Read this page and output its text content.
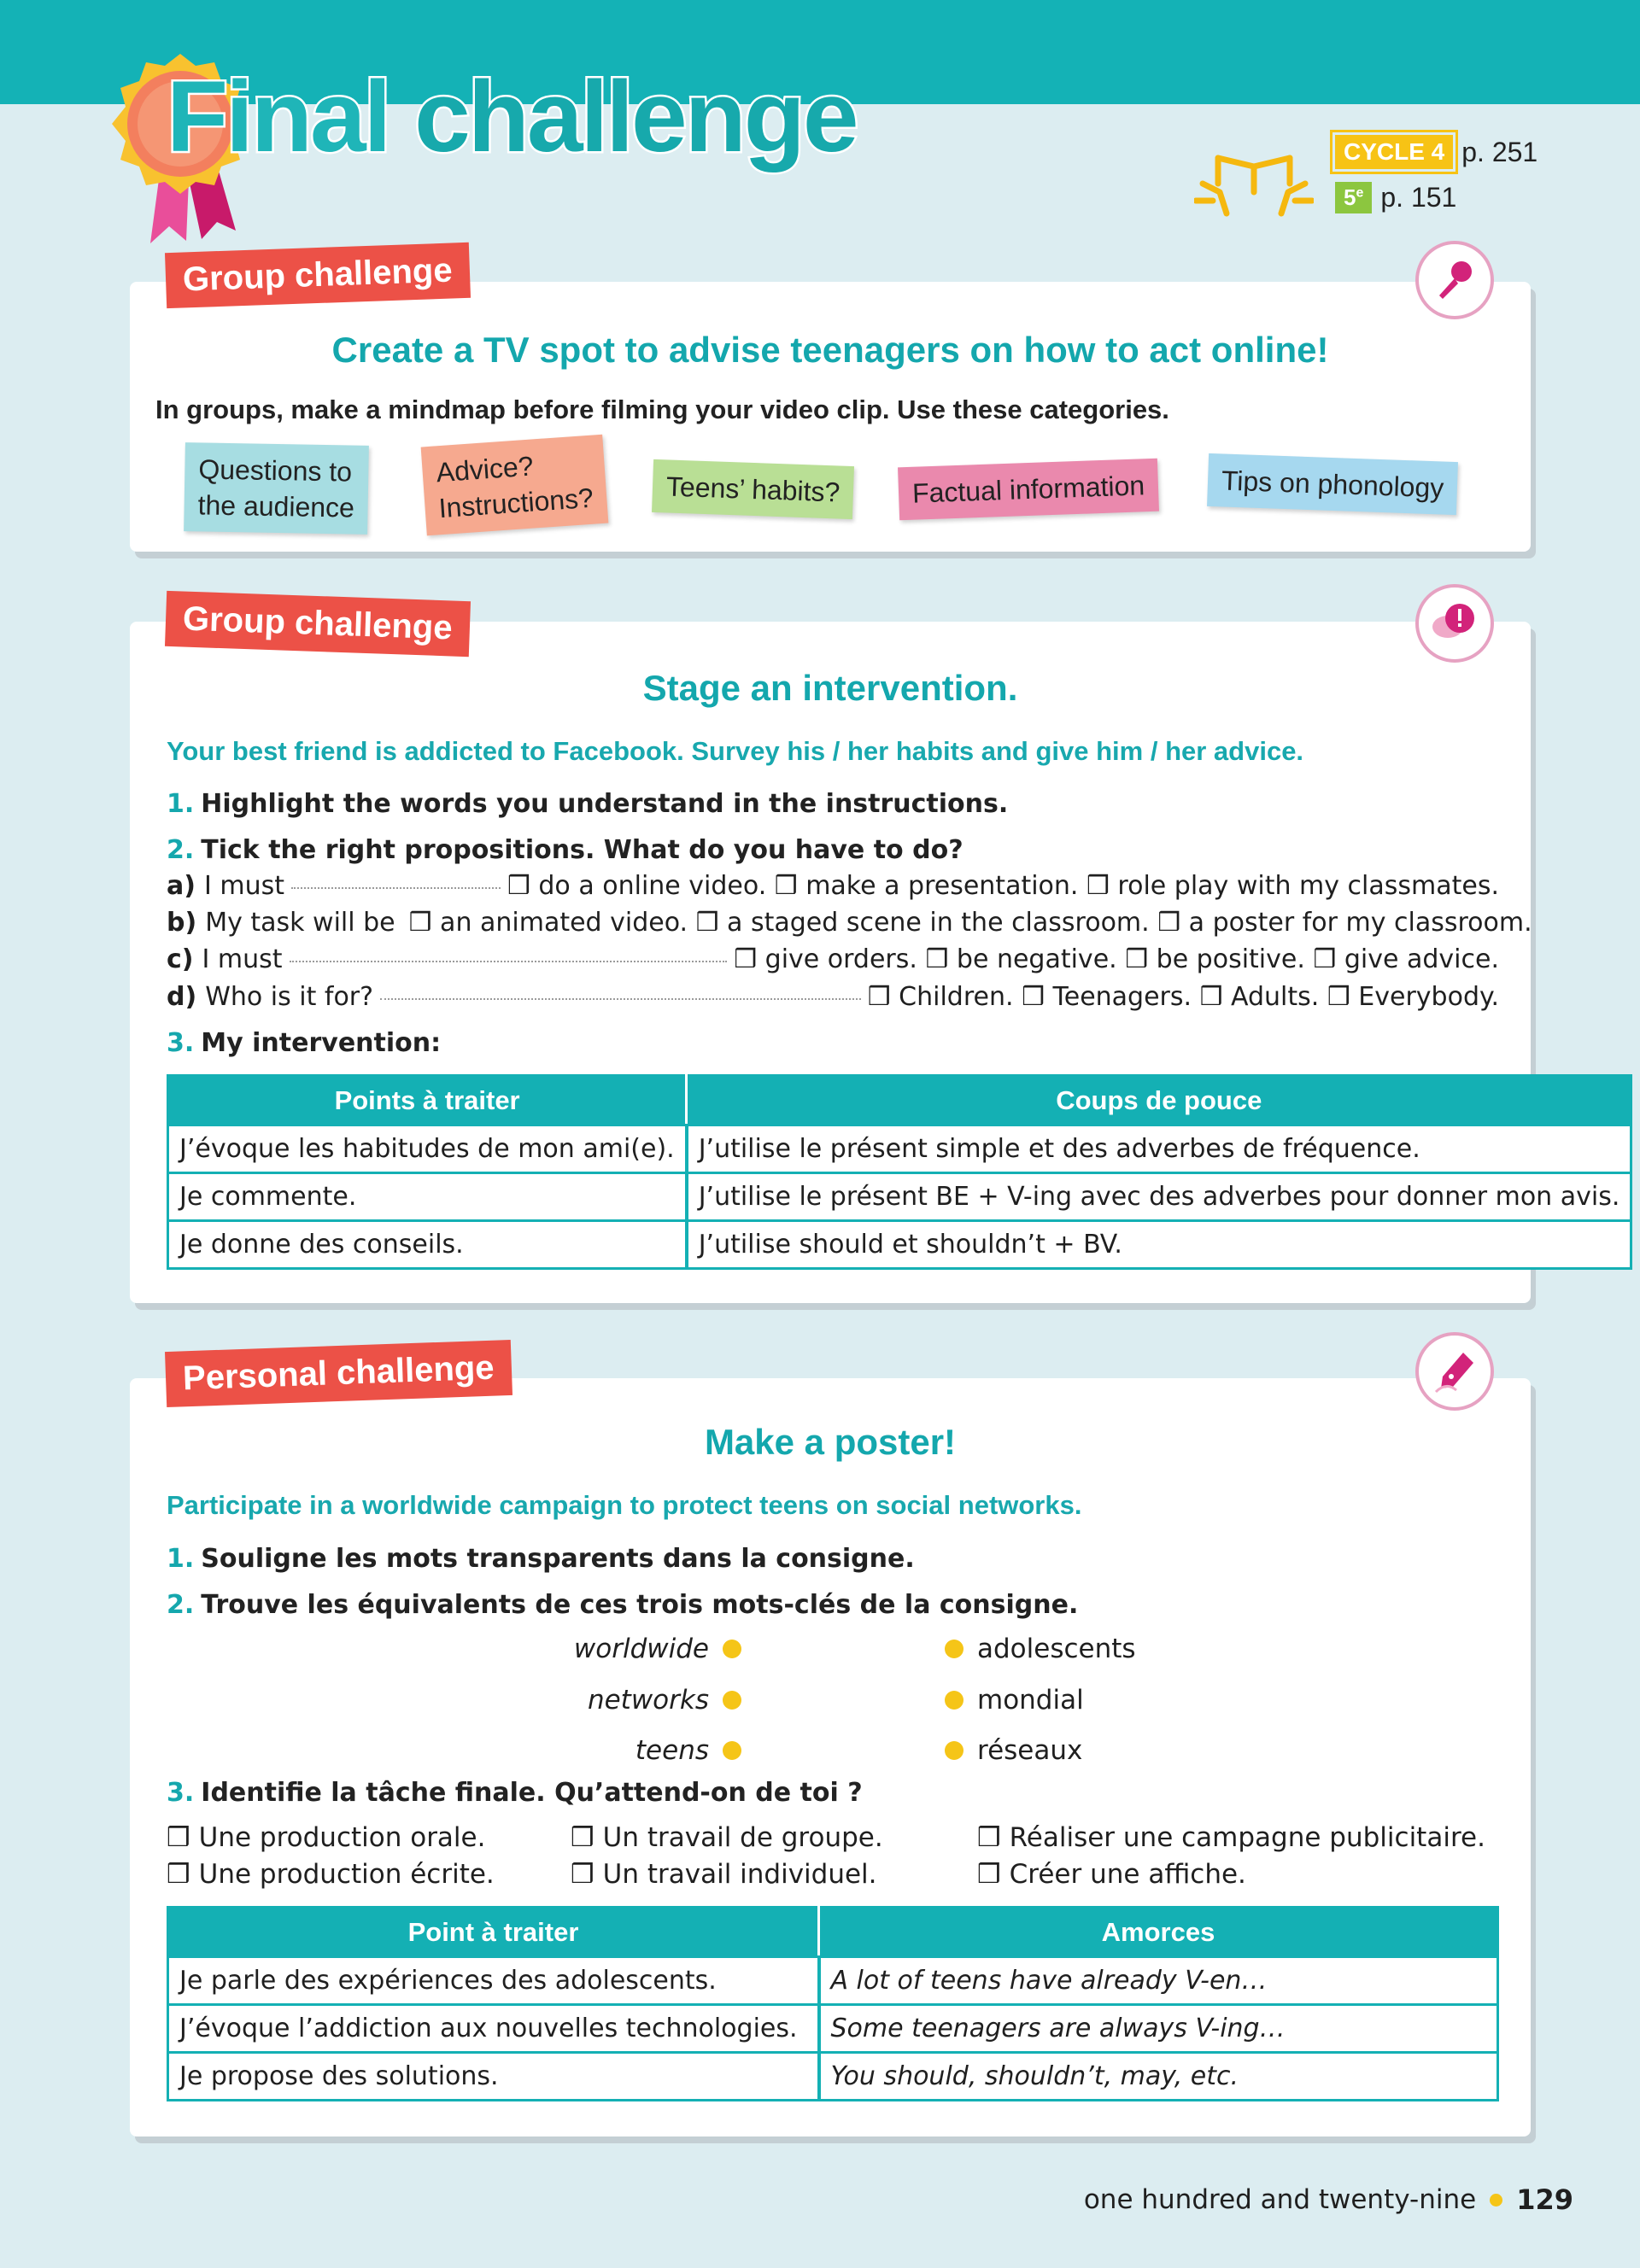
Final challenge	CYCLE 4 p. 251
5e p. 151
Group challenge
Create a TV spot to advise teenagers on how to act online!
In groups, make a mindmap before filming your video clip. Use these categories.
Questions to
the audience
Advice?
Instructions?	Teens’ habits?	Factual information	Tips on phonology
Group challenge
Stage an intervention.
Your best friend is addicted to Facebook. Survey his / her habits and give him / her advice.
1. Highlight the words you understand in the instructions.
2. Tick the right propositions. What do you have to do?
a) I must	❒ do a online video. ❒ make a presentation. ❒ role play with my classmates.
b) My task will be ❒ an animated video. ❒ a staged scene in the classroom. ❒ a poster for my classroom.
c) I must	❒ give orders. ❒ be negative. ❒ be positive. ❒ give advice.
d) Who is it for?	❒ Children. ❒ Teenagers. ❒ Adults. ❒ Everybody.
3. My intervention:
Points à traiter	Coups de pouce
J’évoque les habitudes de mon ami(e).	J’utilise le présent simple et des adverbes de fréquence.
Je commente.	J’utilise le présent BE + V-ing avec des adverbes pour donner mon avis.
Je donne des conseils.	J’utilise should et shouldn’t + BV.
Personal challenge
Make a poster!
Participate in a worldwide campaign to protect teens on social networks.
1. Souligne les mots transparents dans la consigne.
2. Trouve les équivalents de ces trois mots-clés de la consigne.
worldwide
networks
teens
adolescents
mondial
réseaux
3. Identifie la tâche finale. Qu’attend-on de toi ?
❒ Une production orale.	❒ Un travail de groupe.	❒ Réaliser une campagne publicitaire.
❒ Une production écrite.	❒ Un travail individuel.	❒ Créer une affiche.
Point à traiter	Amorces
Je parle des expériences des adolescents.	A lot of teens have already V-en…
J’évoque l’addiction aux nouvelles technologies.	Some teenagers are always V-ing…
Je propose des solutions.	You should, shouldn’t, may, etc.
one hundred and twenty-nine 129
